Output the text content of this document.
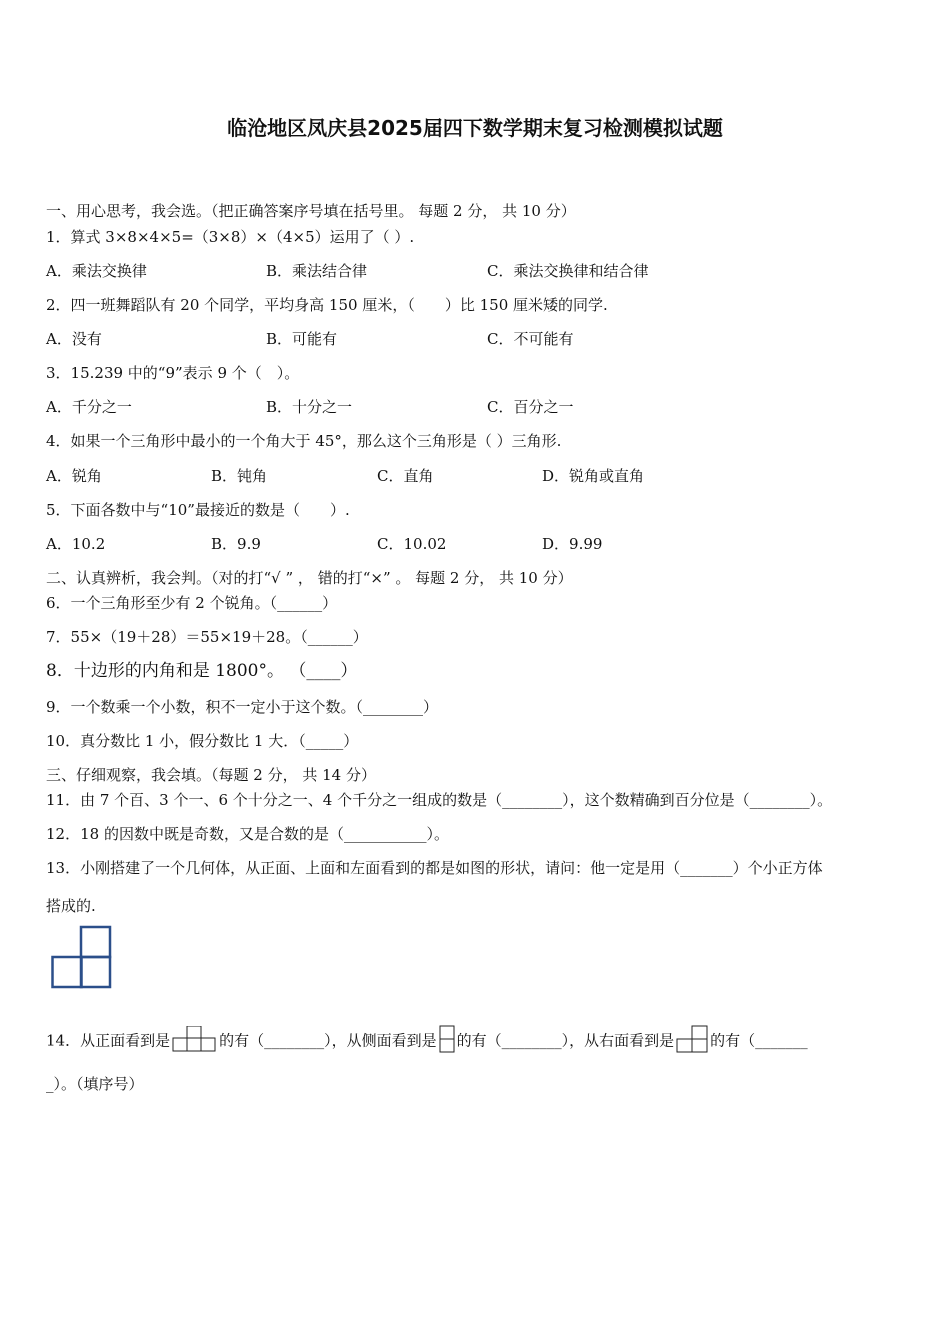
临沧地区凤庆县2025届四下数学期末复习检测模拟试题
一、用心思考，我会选。（把正确答案序号填在括号里。 每题 2 分， 共 10 分）
1．算式 3×8×4×5=（3×8）×（4×5）运用了（ ）.
A．乘法交换律	B．乘法结合律	C．乘法交换律和结合律
2．四一班舞蹈队有 20 个同学，平均身高 150 厘米，（　　）比 150 厘米矮的同学.
A．没有	B．可能有	C．不可能有
3．15.239 中的“9”表示 9 个（　）。
A．千分之一	B．十分之一	C．百分之一
4．如果一个三角形中最小的一个角大于 45°，那么这个三角形是（ ）三角形.
A．锐角	B．钝角	C．直角	D．锐角或直角
5．下面各数中与“10”最接近的数是（　　）.
A．10.2	B．9.9	C．10.02	D．9.99
二、认真辨析，我会判。（对的打“√ ” ， 错的打“×” 。 每题 2 分， 共 10 分）
6．一个三角形至少有 2 个锐角。（______）
7．55×（19＋28）＝55×19＋28。（______）
8．十边形的内角和是 1800°。 （____）
9．一个数乘一个小数，积不一定小于这个数。（________）
10．真分数比 1 小，假分数比 1 大．（_____）
三、仔细观察，我会填。（每题 2 分， 共 14 分）
11．由 7 个百、3 个一、6 个十分之一、4 个千分之一组成的数是（________），这个数精确到百分位是（________）。
12．18 的因数中既是奇数，又是合数的是（___________）。
13．小刚搭建了一个几何体，从正面、上面和左面看到的都是如图的形状，请问：他一定是用（_______）个小正方体
搭成的.
14．从正面看到是	的有（________），从侧面看到是 的有（________），从右面看到是 的有（_______
_）。（填序号）
